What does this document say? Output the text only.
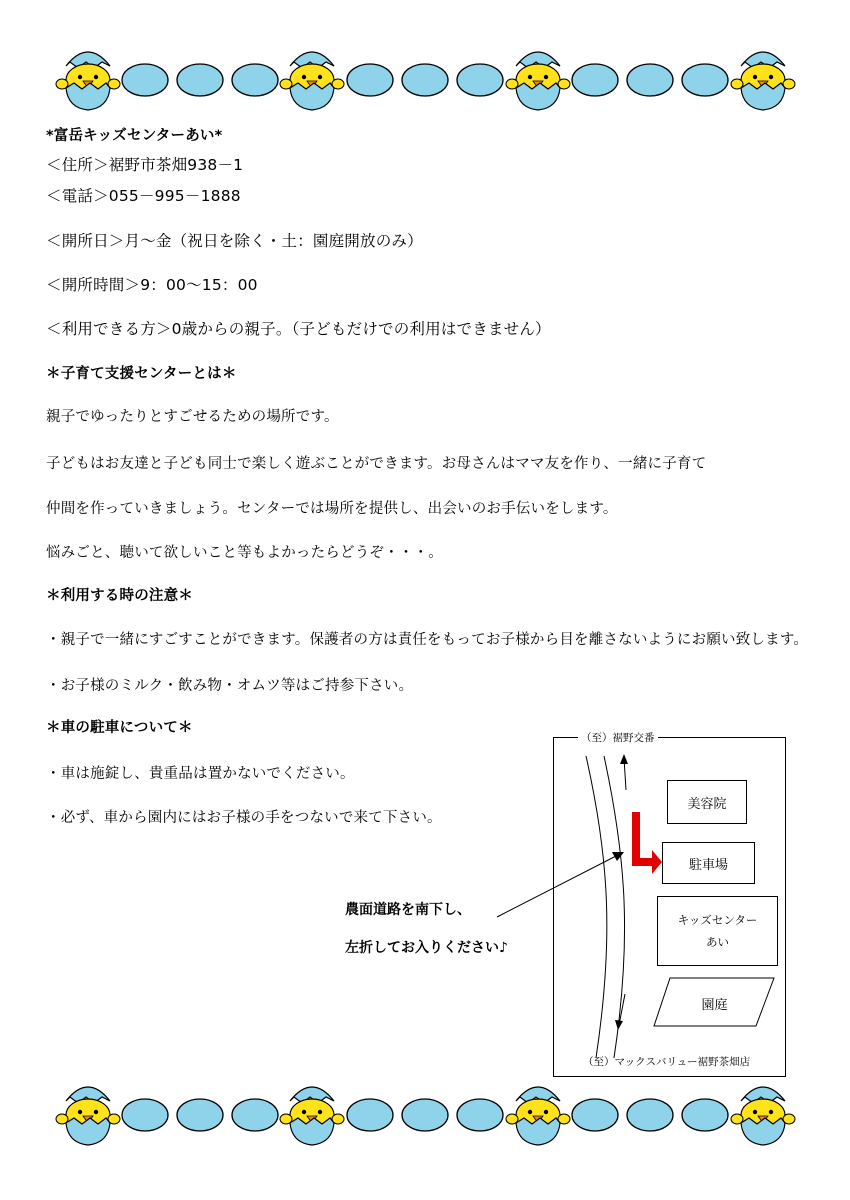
*富岳キッズセンターあい*
＜住所＞裾野市茶畑938－1
＜電話＞055－995－1888
＜開所日＞月～金（祝日を除く・土：園庭開放のみ）
＜開所時間＞9：00～15：00
＜利用できる方＞0歳からの親子。（子どもだけでの利用はできません）
＊子育て支援センターとは＊
親子でゆったりとすごせるための場所です。
子どもはお友達と子ども同士で楽しく遊ぶことができます。お母さんはママ友を作り、一緒に子育て
仲間を作っていきましょう。センターでは場所を提供し、出会いのお手伝いをします。
悩みごと、聴いて欲しいこと等もよかったらどうぞ・・・。
＊利用する時の注意＊
・親子で一緒にすごすことができます。保護者の方は責任をもってお子様から目を離さないようにお願い致します。
・お子様のミルク・飲み物・オムツ等はご持参下さい。
＊車の駐車について＊
・車は施錠し、貴重品は置かないでください。
・必ず、車から園内にはお子様の手をつないで来て下さい。
（至）裾野交番
（至）マックスバリュー裾野茶畑店
美容院
駐車場
キッズセンター
あい
園庭
農面道路を南下し、
左折してお入りください♪
